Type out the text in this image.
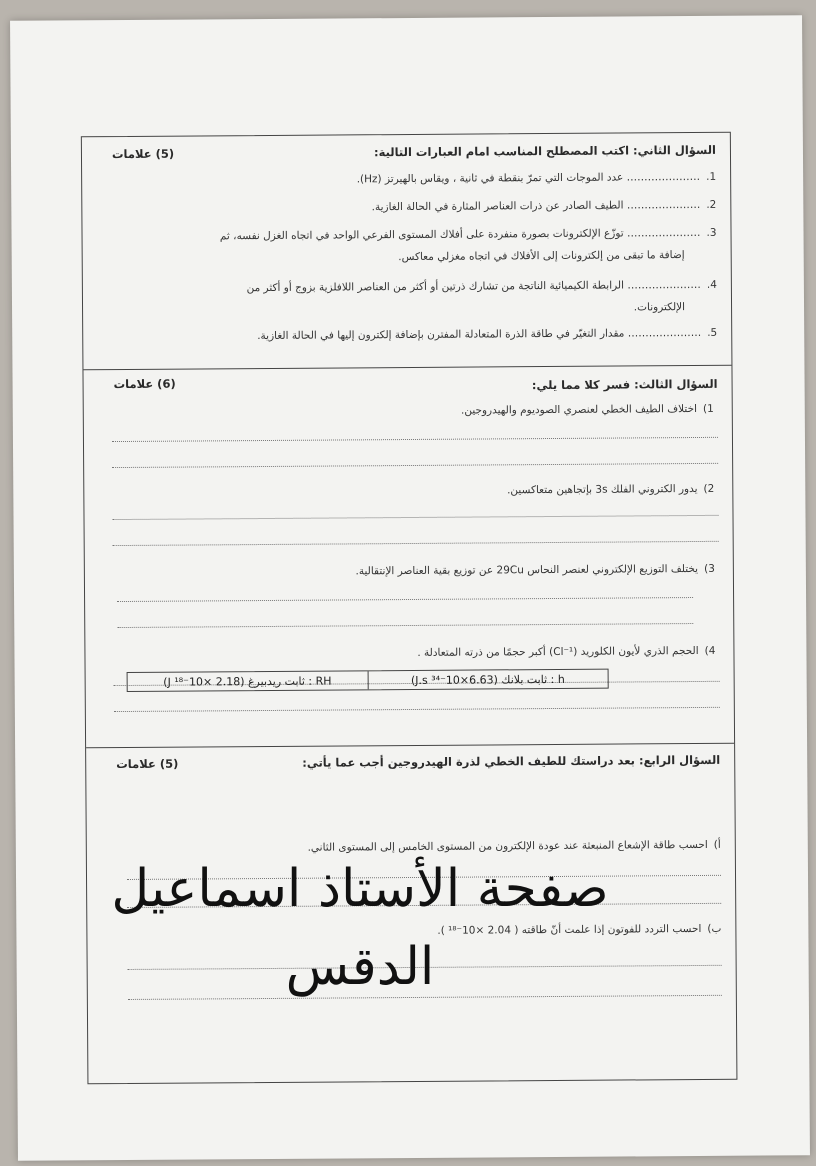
السؤال الثاني: اكتب المصطلح المناسب امام العبارات التالية:
(5) علامات
1.………………… عدد الموجات التي تمرّ بنقطة في ثانية ، ويقاس بالهيرتز (Hz).
2.………………… الطيف الصادر عن ذرات العناصر المثارة في الحالة الغازية.
3.………………… توزّع الإلكترونات بصورة منفردة على أفلاك المستوى الفرعي الواحد في اتجاه الغزل نفسه، ثم
إضافة ما تبقى من إلكترونات إلى الأفلاك في اتجاه مغزلي معاكس.
4.………………… الرابطة الكيميائية الناتجة من تشارك ذرتين أو أكثر من العناصر اللافلزية بزوج أو أكثر من
الإلكترونات.
5.………………… مقدار التغيّر في طاقة الذرة المتعادلة المفترن بإضافة إلكترون إليها في الحالة الغازية.
السؤال الثالث: فسر كلا مما يلي:
(6) علامات
1)اختلاف الطيف الخطي لعنصري الصوديوم والهيدروجين.
2)يدور الكتروني الفلك 3s بإتجاهين متعاكسين.
3)يختلف التوزيع الإلكتروني لعنصر النحاس 29Cu عن توزيع بقية العناصر الإنتقالية.
4)الحجم الذري لأيون الكلوريد (Cl⁻¹) أكبر حجمًا من ذرته المتعادلة .
السؤال الرابع: بعد دراستك للطيف الخطي لذرة الهيدروجين أجب عما يأتي:
(5) علامات
أ)احسب طاقة الإشعاع المنبعثة عند عودة الإلكترون من المستوى الخامس إلى المستوى الثاني.
ب)احسب التردد للفوتون إذا علمت أنّ طاقته ( 2.04 ×10⁻¹⁸ ).
h : ثابت بلانك (6.63×10⁻³⁴ J.s)
RH : ثابت ريدبيرغ (2.18 ×10⁻¹⁸ J)
صفحة الأستاذ اسماعيل
الدقس
